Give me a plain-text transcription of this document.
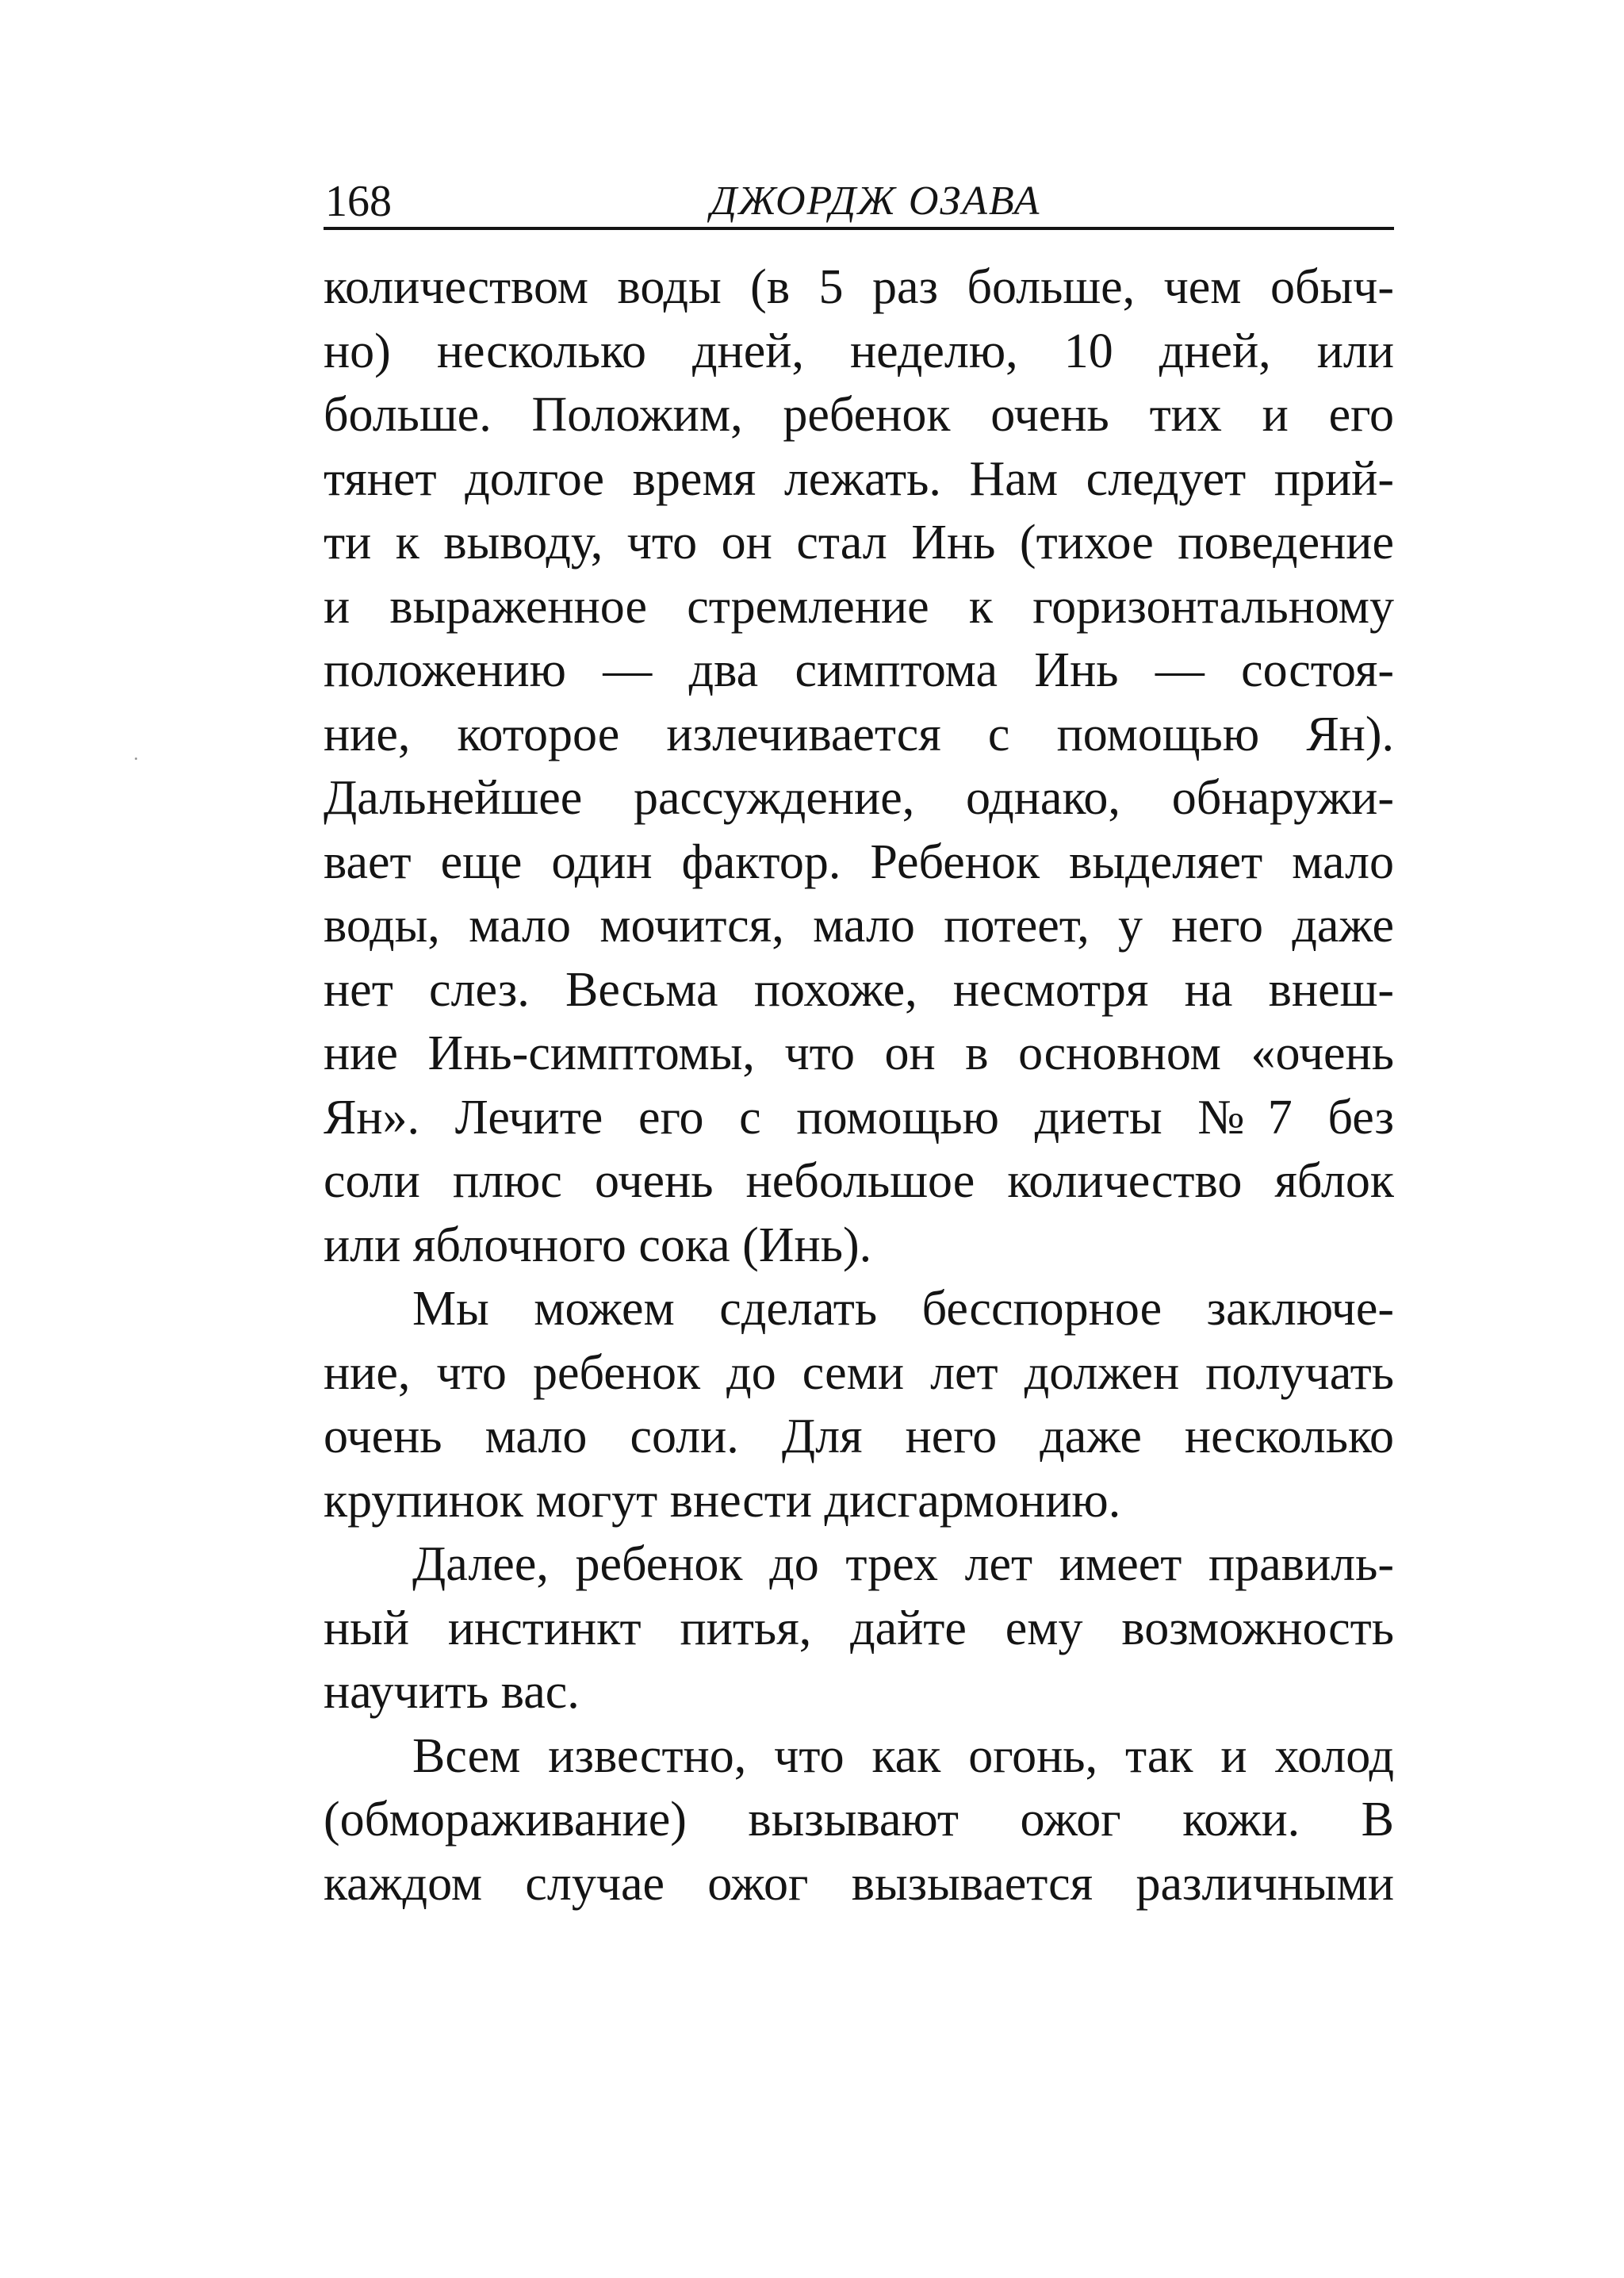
168	ДЖОРДЖ ОЗАВА
количеством воды (в 5 раз больше, чем обыч-
но) несколько дней, неделю, 10 дней, или
больше. Положим, ребенок очень тих и его
тянет долгое время лежать. Нам следует прий-
ти к выводу, что он стал Инь (тихое поведение
и выраженное стремление к горизонтальному
положению — два симптома Инь — состоя-
ние, которое излечивается с помощью Ян).
Дальнейшее рассуждение, однако, обнаружи-
вает еще один фактор. Ребенок выделяет мало
воды, мало мочится, мало потеет, у него даже
нет слез. Весьма похоже, несмотря на внеш-
ние Инь-симптомы, что он в основном «очень
Ян». Лечите его с помощью диеты №7 без
соли плюс очень небольшое количество яблок
или яблочного сока (Инь).
Мы можем сделать бесспорное заключе-
ние, что ребенок до семи лет должен получать
очень мало соли. Для него даже несколько
крупинок могут внести дисгармонию.
Далее, ребенок до трех лет имеет правиль-
ный инстинкт питья, дайте ему возможность
научить вас.
Всем известно, что как огонь, так и холод
(обмораживание) вызывают ожог кожи. В
каждом случае ожог вызывается различными
